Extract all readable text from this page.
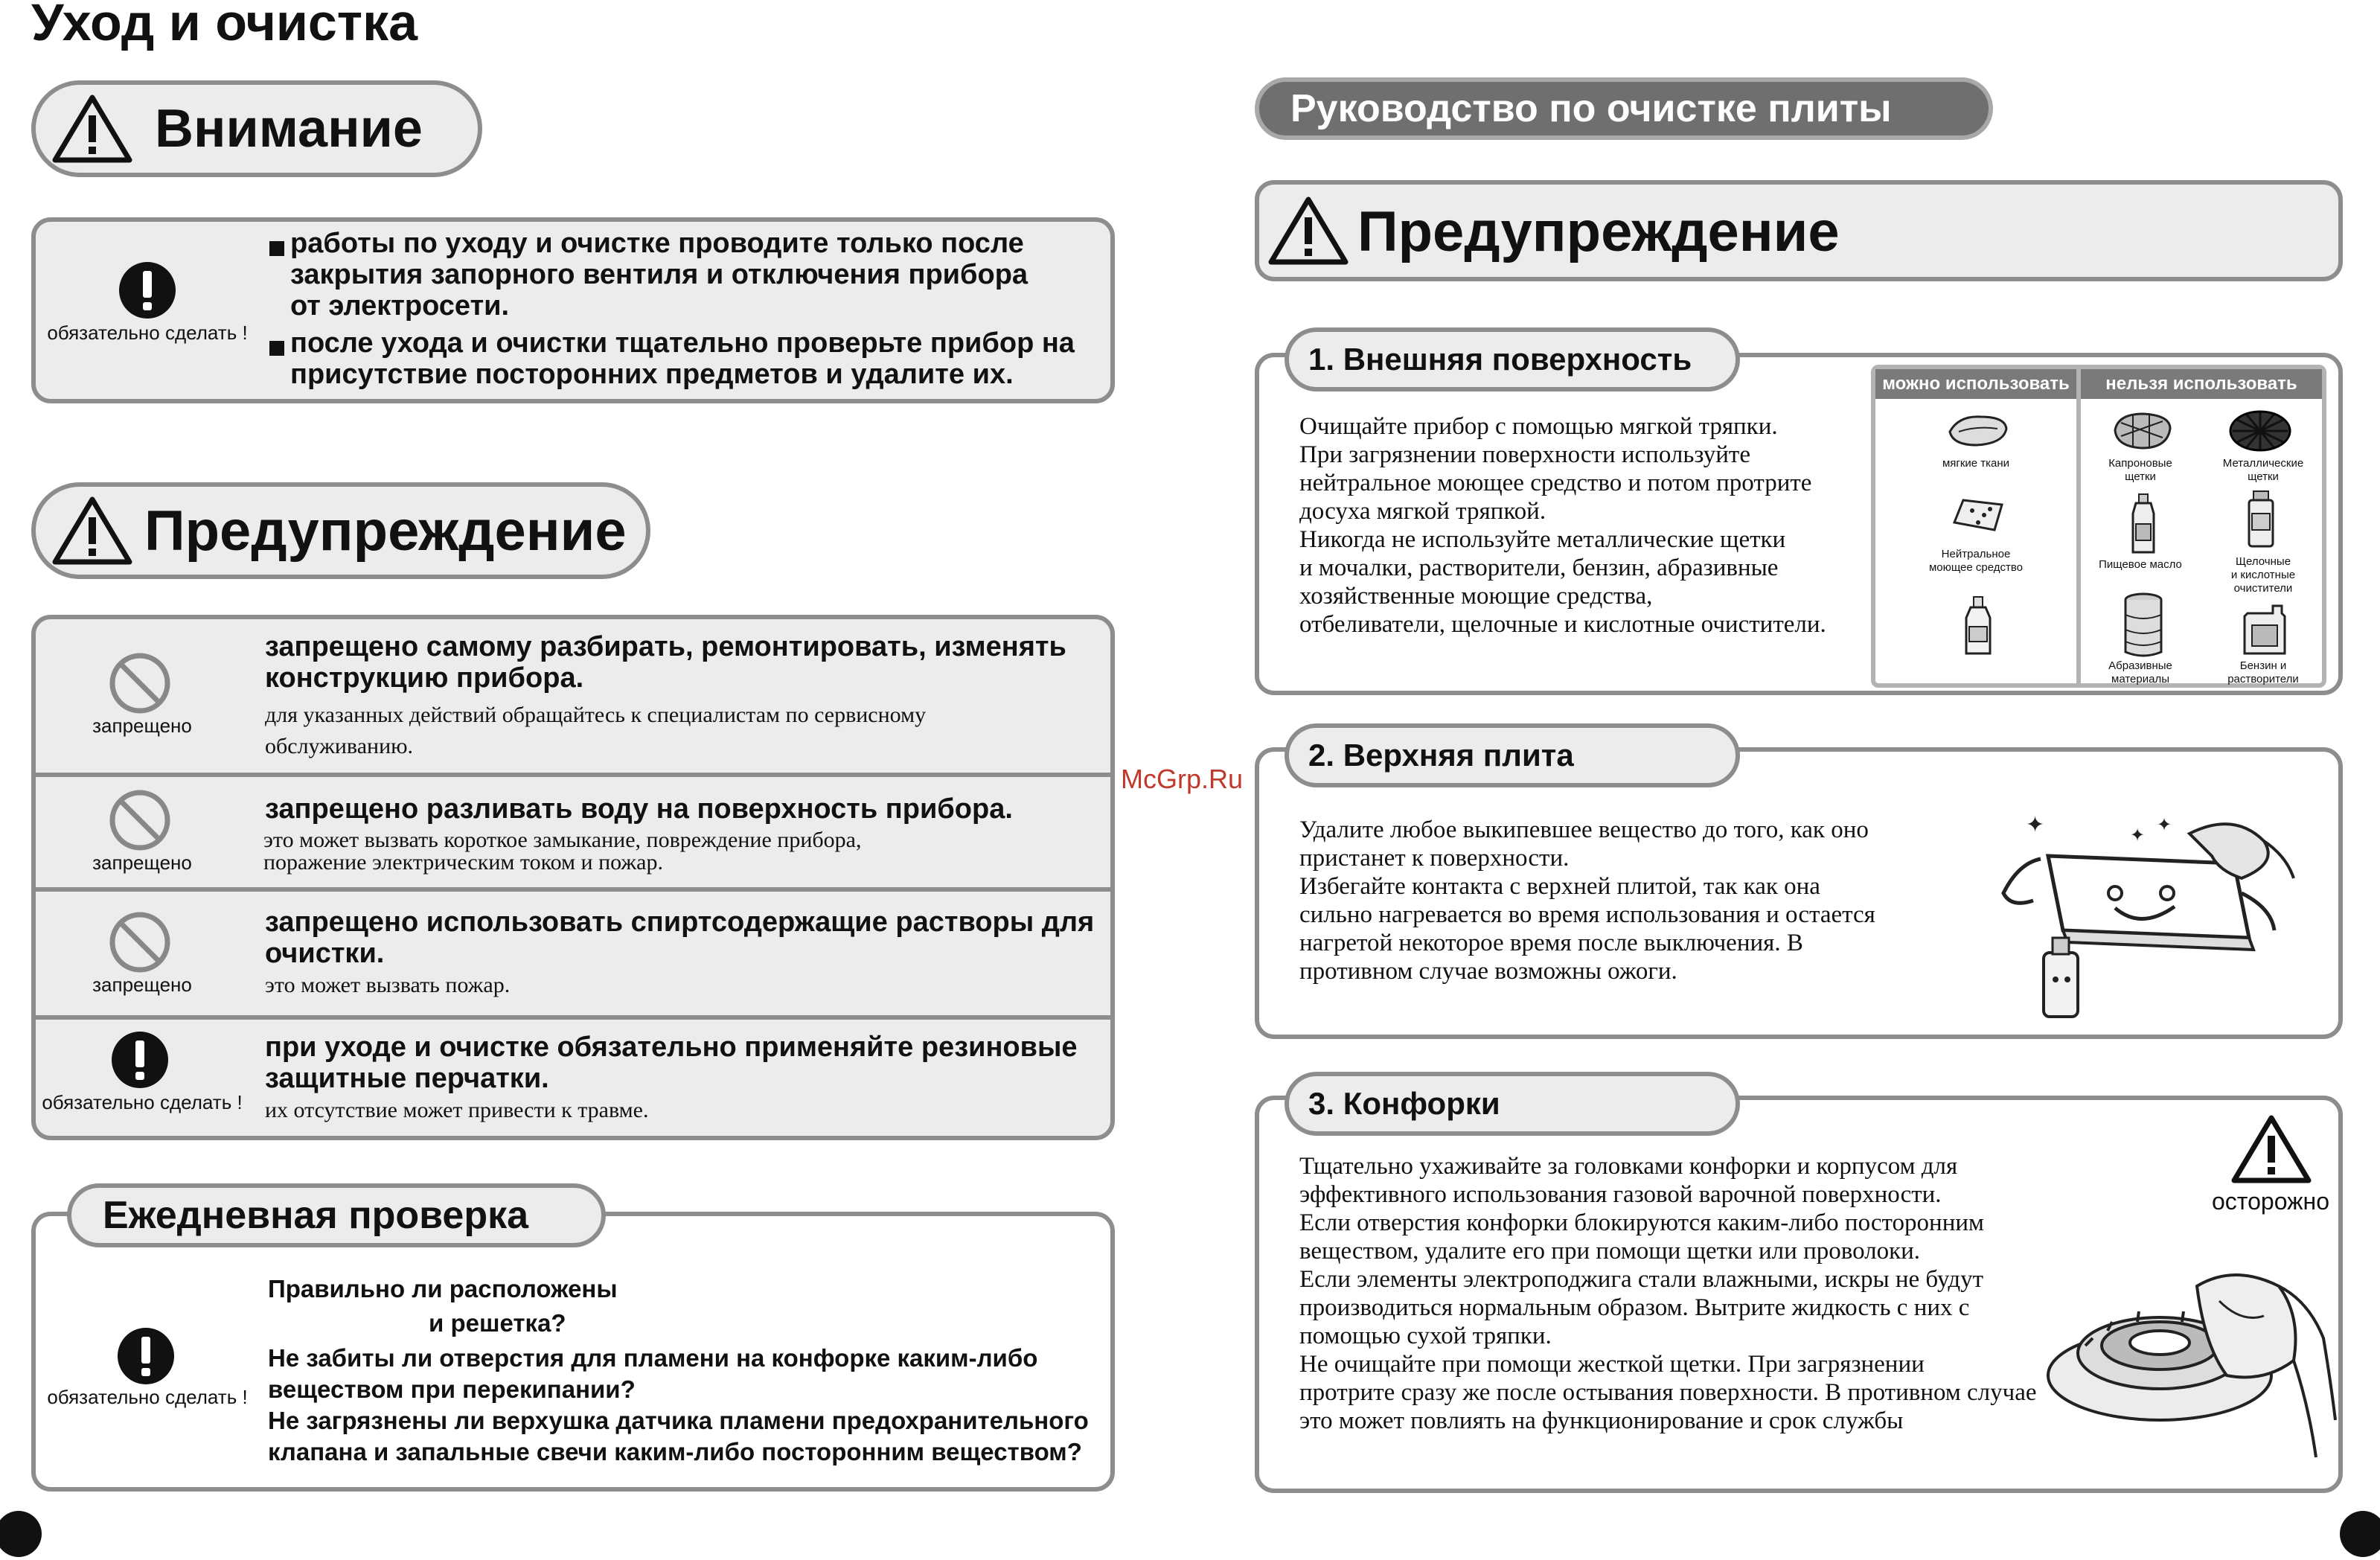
Уход и очистка
Внимание
обязательно сделать !
работы по уходу и очистке проводите только после
закрытия запорного вентиля и отключения прибора
от электросети.
после ухода и очистки тщательно проверьте прибор на
присутствие посторонних предметов и удалите их.
Предупреждение
запрещено
запрещено самому разбирать, ремонтировать, изменять
конструкцию прибора.
для указанных действий обращайтесь к специалистам по сервисному
обслуживанию.
запрещено
запрещено разливать воду на поверхность прибора.
это может вызвать короткое замыкание, повреждение прибора,
поражение электрическим током и пожар.
запрещено
запрещено использовать спиртсодержащие растворы для
очистки.
это может вызвать пожар.
обязательно сделать !
при уходе и очистке обязательно применяйте резиновые
защитные перчатки.
их отсутствие может привести к травме.
обязательно сделать !
Правильно ли расположены
и решетка?
Не забиты ли отверстия для пламени на конфорке каким-либо
веществом при перекипании?
Не загрязнены ли верхушка датчика пламени предохранительного
клапана и запальные свечи каким-либо посторонним веществом?
Ежедневная проверка
McGrp.Ru
Руководство по очистке плиты
Предупреждение
Очищайте прибор с помощью мягкой тряпки.
При загрязнении поверхности используйте
нейтральное моющее средство и потом протрите
досуха мягкой тряпкой.
Никогда не используйте металлические щетки
и мочалки, растворители, бензин, абразивные
хозяйственные моющие средства,
отбеливатели, щелочные и кислотные очистители.
можно использовать	нельзя использовать
мягкие ткани
Нейтральное
моющее средство
Капроновые
щетки
Металлические
щетки
Пищевое масло	Щелочные
и кислотные
очистители
Абразивные
материалы
Бензин и
растворители
1. Внешняя поверхность
Удалите любое выкипевшее вещество до того, как оно
пристанет к поверхности.
Избегайте контакта с верхней плитой, так как она
сильно нагревается во время использования и остается
нагретой некоторое время после выключения. В
противном случае возможны ожоги.
✦	✦
✦
2. Верхняя плита
Тщательно ухаживайте за головками конфорки и корпусом для
эффективного использования газовой варочной поверхности.
Если отверстия конфорки блокируются каким-либо посторонним
веществом, удалите его при помощи щетки или проволоки.
Если элементы электроподжига стали влажными, искры не будут
производиться нормальным образом. Вытрите жидкость с них с
помощью сухой тряпки.
Не очищайте при помощи жесткой щетки. При загрязнении
протрите сразу же после остывания поверхности. В противном случае
это может повлиять на функционирование и срок службы
осторожно
3. Конфорки
